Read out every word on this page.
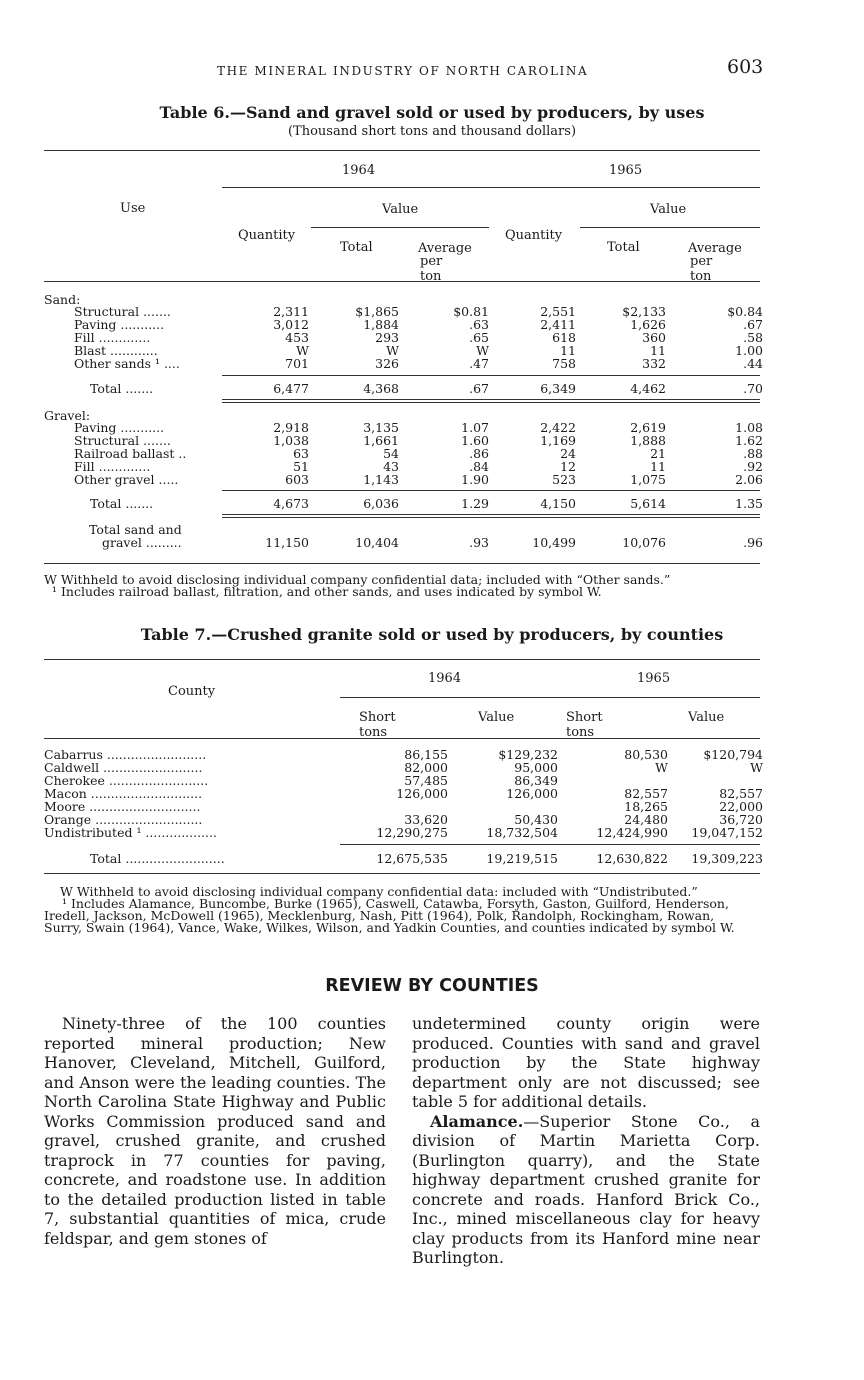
THE MINERAL INDUSTRY OF NORTH CAROLINA	603
Table 6.—Sand and gravel sold or used by producers, by uses
(Thousand short tons and thousand dollars)
Use
1964	1965
Value	Value
Quantity	Quantity
Total	Total
Average
per ton
Average
per ton
Sand:
Structural .......	2,311	$1,865	$0.81	2,551	$2,133	$0.84
Paving ...........	3,012	1,884	.63	2,411	1,626	.67
Fill .............	453	293	.65	618	360	.58
Blast ............	W	W	W	11	11	1.00
Other sands ¹ ....	701	326	.47	758	332	.44
Total .......	6,477	4,368	.67	6,349	4,462	.70
Gravel:
Paving ...........	2,918	3,135	1.07	2,422	2,619	1.08
Structural .......	1,038	1,661	1.60	1,169	1,888	1.62
Railroad ballast ..	63	54	.86	24	21	.88
Fill .............	51	43	.84	12	11	.92
Other gravel .....	603	1,143	1.90	523	1,075	2.06
Total .......	4,673	6,036	1.29	4,150	5,614	1.35
Total sand and
gravel .........	11,150	10,404	.93	10,499	10,076	.96
W Withheld to avoid disclosing individual company confidential data; included with “Other sands.”
¹ Includes railroad ballast, filtration, and other sands, and uses indicated by symbol W.
Table 7.—Crushed granite sold or used by producers, by counties
County
1964	1965
Short tons
Value	Short tons
Value
Cabarrus .........................	86,155	$129,232	80,530	$120,794
Caldwell .........................	82,000	95,000	W	W
Cherokee .........................	57,485	86,349		
Macon ............................	126,000	126,000	82,557	82,557
Moore ............................			18,265	22,000
Orange ...........................	33,620	50,430	24,480	36,720
Undistributed ¹ ..................	12,290,275	18,732,504	12,424,990	19,047,152
Total .........................	12,675,535	19,219,515	12,630,822	19,309,223
W Withheld to avoid disclosing individual company confidential data: included with “Undistributed.”
¹ Includes Alamance, Buncombe, Burke (1965), Caswell, Catawba, Forsyth, Gaston, Guilford, Henderson,
Iredell, Jackson, McDowell (1965), Mecklenburg, Nash, Pitt (1964), Polk, Randolph, Rockingham, Rowan,
Surry, Swain (1964), Vance, Wake, Wilkes, Wilson, and Yadkin Counties, and counties indicated by symbol W.
REVIEW BY COUNTIES

Ninety-three of the 100 counties reported mineral production; New Hanover, Cleveland, Mitchell, Guilford, and Anson were the leading counties. The North Carolina State Highway and Public Works Commission produced sand and gravel, crushed granite, and crushed traprock in 77 counties for paving, concrete, and roadstone use. In addition to the detailed production listed in table 7, substantial quantities of mica, crude feldspar, and gem stones of

undetermined county origin were produced. Counties with sand and gravel production by the State highway department only are not discussed; see table 5 for additional details.

Alamance.—Superior Stone Co., a division of Martin Marietta Corp. (Burlington quarry), and the State highway department crushed granite for concrete and roads. Hanford Brick Co., Inc., mined miscellaneous clay for heavy clay products from its Hanford mine near Burlington.
